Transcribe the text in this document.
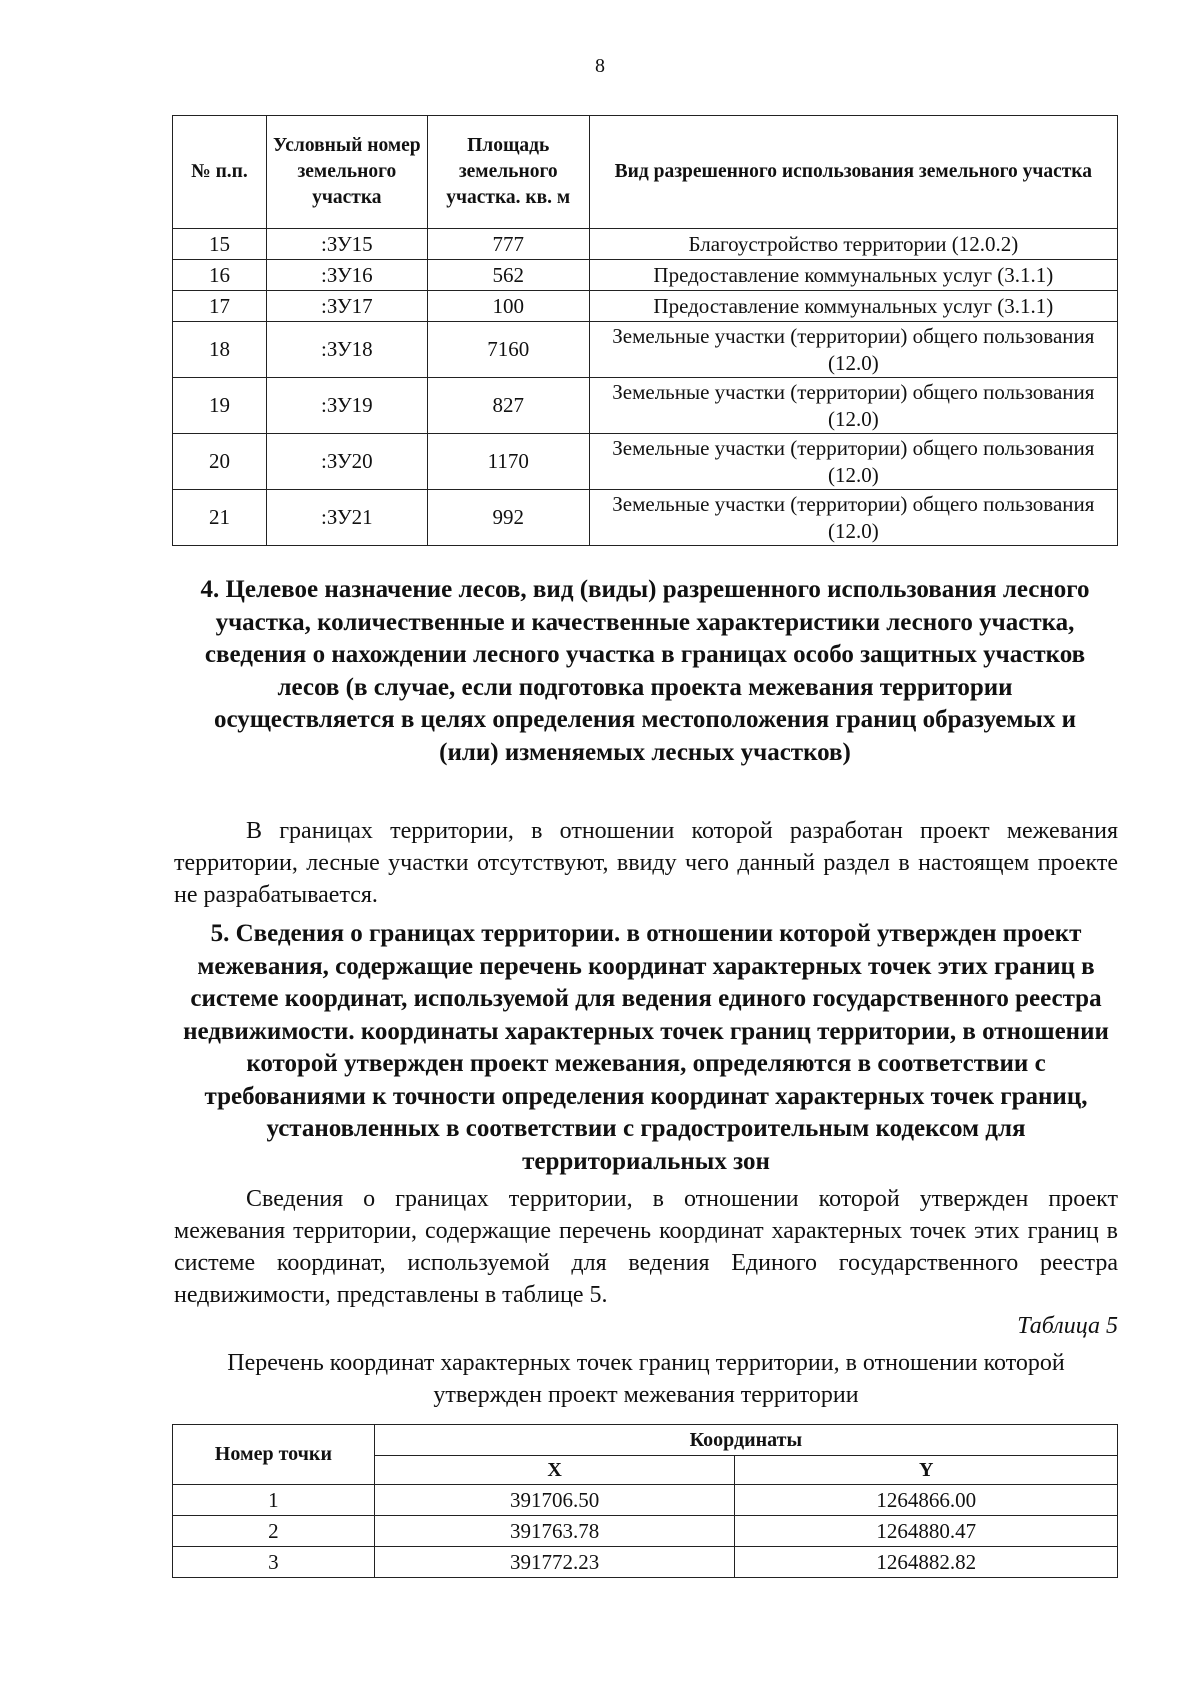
8
№ п.п.	Условный номер земельного участка	Площадь земельного участка. кв. м	Вид разрешенного использования земельного участка
15	:ЗУ15	777	Благоустройство территории (12.0.2)
16	:ЗУ16	562	Предоставление коммунальных услуг (3.1.1)
17	:ЗУ17	100	Предоставление коммунальных услуг (3.1.1)
18	:ЗУ18	7160	Земельные участки (территории) общего пользования (12.0)
19	:ЗУ19	827	Земельные участки (территории) общего пользования (12.0)
20	:ЗУ20	1170	Земельные участки (территории) общего пользования (12.0)
21	:ЗУ21	992	Земельные участки (территории) общего пользования (12.0)
4. Целевое назначение лесов, вид (виды) разрешенного использования лесного участка, количественные и качественные характеристики лесного участка, сведения о нахождении лесного участка в границах особо защитных участков лесов (в случае, если подготовка проекта межевания территории осуществляется в целях определения местоположения границ образуемых и (или) изменяемых лесных участков)
В границах территории, в отношении которой разработан проект межевания территории, лесные участки отсутствуют, ввиду чего данный раздел в настоящем проекте не разрабатывается.
5. Сведения о границах территории. в отношении которой утвержден проект межевания, содержащие перечень координат характерных точек этих границ в системе координат, используемой для ведения единого государственного реестра недвижимости. координаты характерных точек границ территории, в отношении которой утвержден проект межевания, определяются в соответствии с требованиями к точности определения координат характерных точек границ, установленных в соответствии с градостроительным кодексом для территориальных зон
Сведения о границах территории, в отношении которой утвержден проект межевания территории, содержащие перечень координат характерных точек этих границ в системе координат, используемой для ведения Единого государственного реестра недвижимости, представлены в таблице 5.
Таблица 5
Перечень координат характерных точек границ территории, в отношении которой утвержден проект межевания территории
Номер точки	Координаты	
	X	Y
1	391706.50	1264866.00
2	391763.78	1264880.47
3	391772.23	1264882.82
